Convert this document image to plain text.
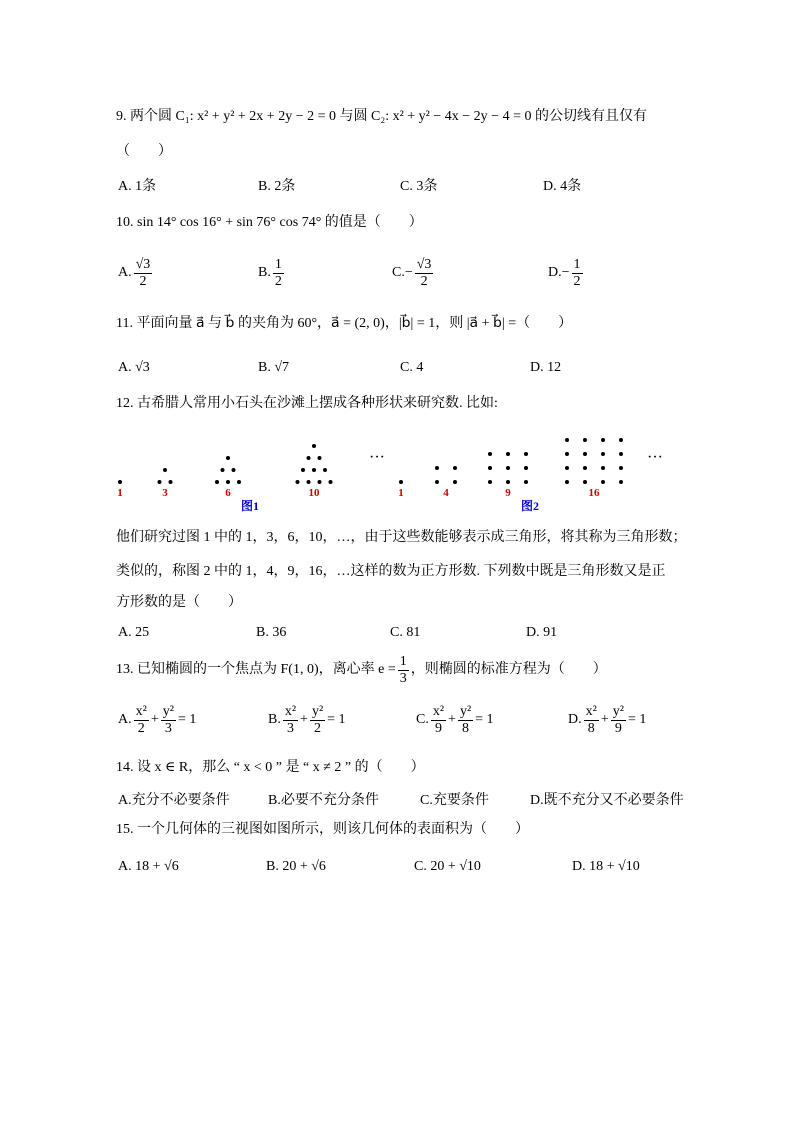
9. 两个圆 C₁: x² + y² + 2x + 2y − 2 = 0 与圆 C₂: x² + y² − 4x − 2y − 4 = 0 的公切线有且仅有
（　　）
A. 1条	B. 2条	C. 3条	D. 4条
10. sin 14° cos 16° + sin 76° cos 74° 的值是（　　）
A. $\frac{√3}{2}$	B. $\frac{1}{2}$	C. − $\frac{√3}{2}$	D. − $\frac{1}{2}$
11. 平面向量 a⃗ 与 b⃗ 的夹角为 60°，a⃗ = (2, 0)，|b⃗| = 1，则 |a⃗ + b⃗| =（　　）
A. √3	B. √7	C. 4	D. 12
12. 古希腊人常用小石头在沙滩上摆成各种形状来研究数. 比如:
1	3	6	10
···
图1
1	4	9	16
···
图2
他们研究过图 1 中的 1，3，6，10，…，由于这些数能够表示成三角形，将其称为三角形数；
类似的，称图 2 中的 1，4，9，16，…这样的数为正方形数. 下列数中既是三角形数又是正
方形数的是（　　）
A. 25	B. 36	C. 81	D. 91
13. 已知椭圆的一个焦点为 F(1, 0)，离心率 $e = \frac{1}{3}$ ，则椭圆的标准方程为（　　）
A. $\frac{\text{x²}}{2} + \frac{\text{y²}}{3} = 1$	B. $\frac{\text{x²}}{3} + \frac{\text{y²}}{2} = 1$	C. $\frac{\text{x²}}{9} + \frac{\text{y²}}{8} = 1$	D. $\frac{\text{x²}}{8} + \frac{\text{y²}}{9} = 1$
14. 设 x ∈ R，那么 “ x < 0 ” 是 “ x ≠ 2 ” 的（　　）
A.充分不必要条件	B.必要不充分条件	C.充要条件	D.既不充分又不必要条件
15. 一个几何体的三视图如图所示，则该几何体的表面积为（　　）
A. 18 + √6	B. 20 + √6	C. 20 + √10	D. 18 + √10
